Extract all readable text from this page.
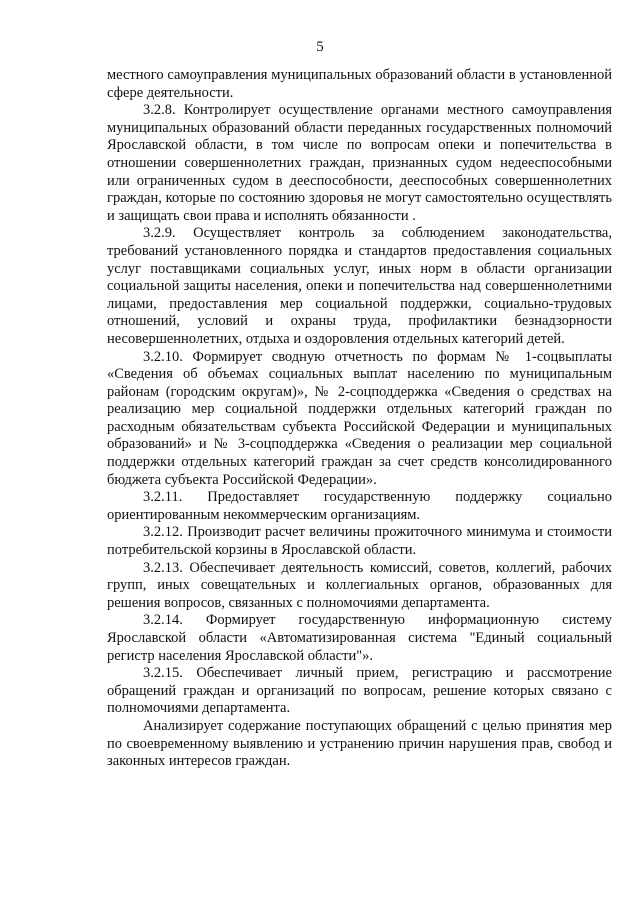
5

местного самоуправления муниципальных образований области в установленной сфере деятельности.

3.2.8. Контролирует осуществление органами местного самоуправления муниципальных образований области переданных государственных полномочий Ярославской области, в том числе по вопросам опеки и попечительства в отношении совершеннолетних граждан, признанных судом недееспособными или ограниченных судом в дееспособности, дееспособных совершеннолетних граждан, которые по состоянию здоровья не могут самостоятельно осуществлять и защищать свои права и исполнять обязанности .

3.2.9. Осуществляет контроль за соблюдением законодательства, требований установленного порядка и стандартов предоставления социальных услуг поставщиками социальных услуг, иных норм в области организации социальной защиты населения, опеки и попечительства над совершеннолетними лицами, предоставления мер социальной поддержки, социально-трудовых отношений, условий и охраны труда, профилактики безнадзорности несовершеннолетних, отдыха и оздоровления отдельных категорий детей.

3.2.10. Формирует сводную отчетность по формам № 1-соцвыплаты «Сведения об объемах социальных выплат населению по муниципальным районам (городским округам)», № 2-соцподдержка «Сведения о средствах на реализацию мер социальной поддержки отдельных категорий граждан по расходным обязательствам субъекта Российской Федерации и муниципальных образований» и № 3-соцподдержка «Сведения о реализации мер социальной поддержки отдельных категорий граждан за счет средств консолидированного бюджета субъекта Российской Федерации».

3.2.11. Предоставляет государственную поддержку социально ориентированным некоммерческим организациям.

3.2.12. Производит расчет величины прожиточного минимума и стоимости потребительской корзины в Ярославской области.

3.2.13. Обеспечивает деятельность комиссий, советов, коллегий, рабочих групп, иных совещательных и коллегиальных органов, образованных для решения вопросов, связанных с полномочиями департамента.

3.2.14. Формирует государственную информационную систему Ярославской области «Автоматизированная система "Единый социальный регистр населения Ярославской области"».

3.2.15. Обеспечивает личный прием, регистрацию и рассмотрение обращений граждан и организаций по вопросам, решение которых связано с полномочиями департамента.

Анализирует содержание поступающих обращений с целью принятия мер по своевременному выявлению и устранению причин нарушения прав, свобод и законных интересов граждан.
